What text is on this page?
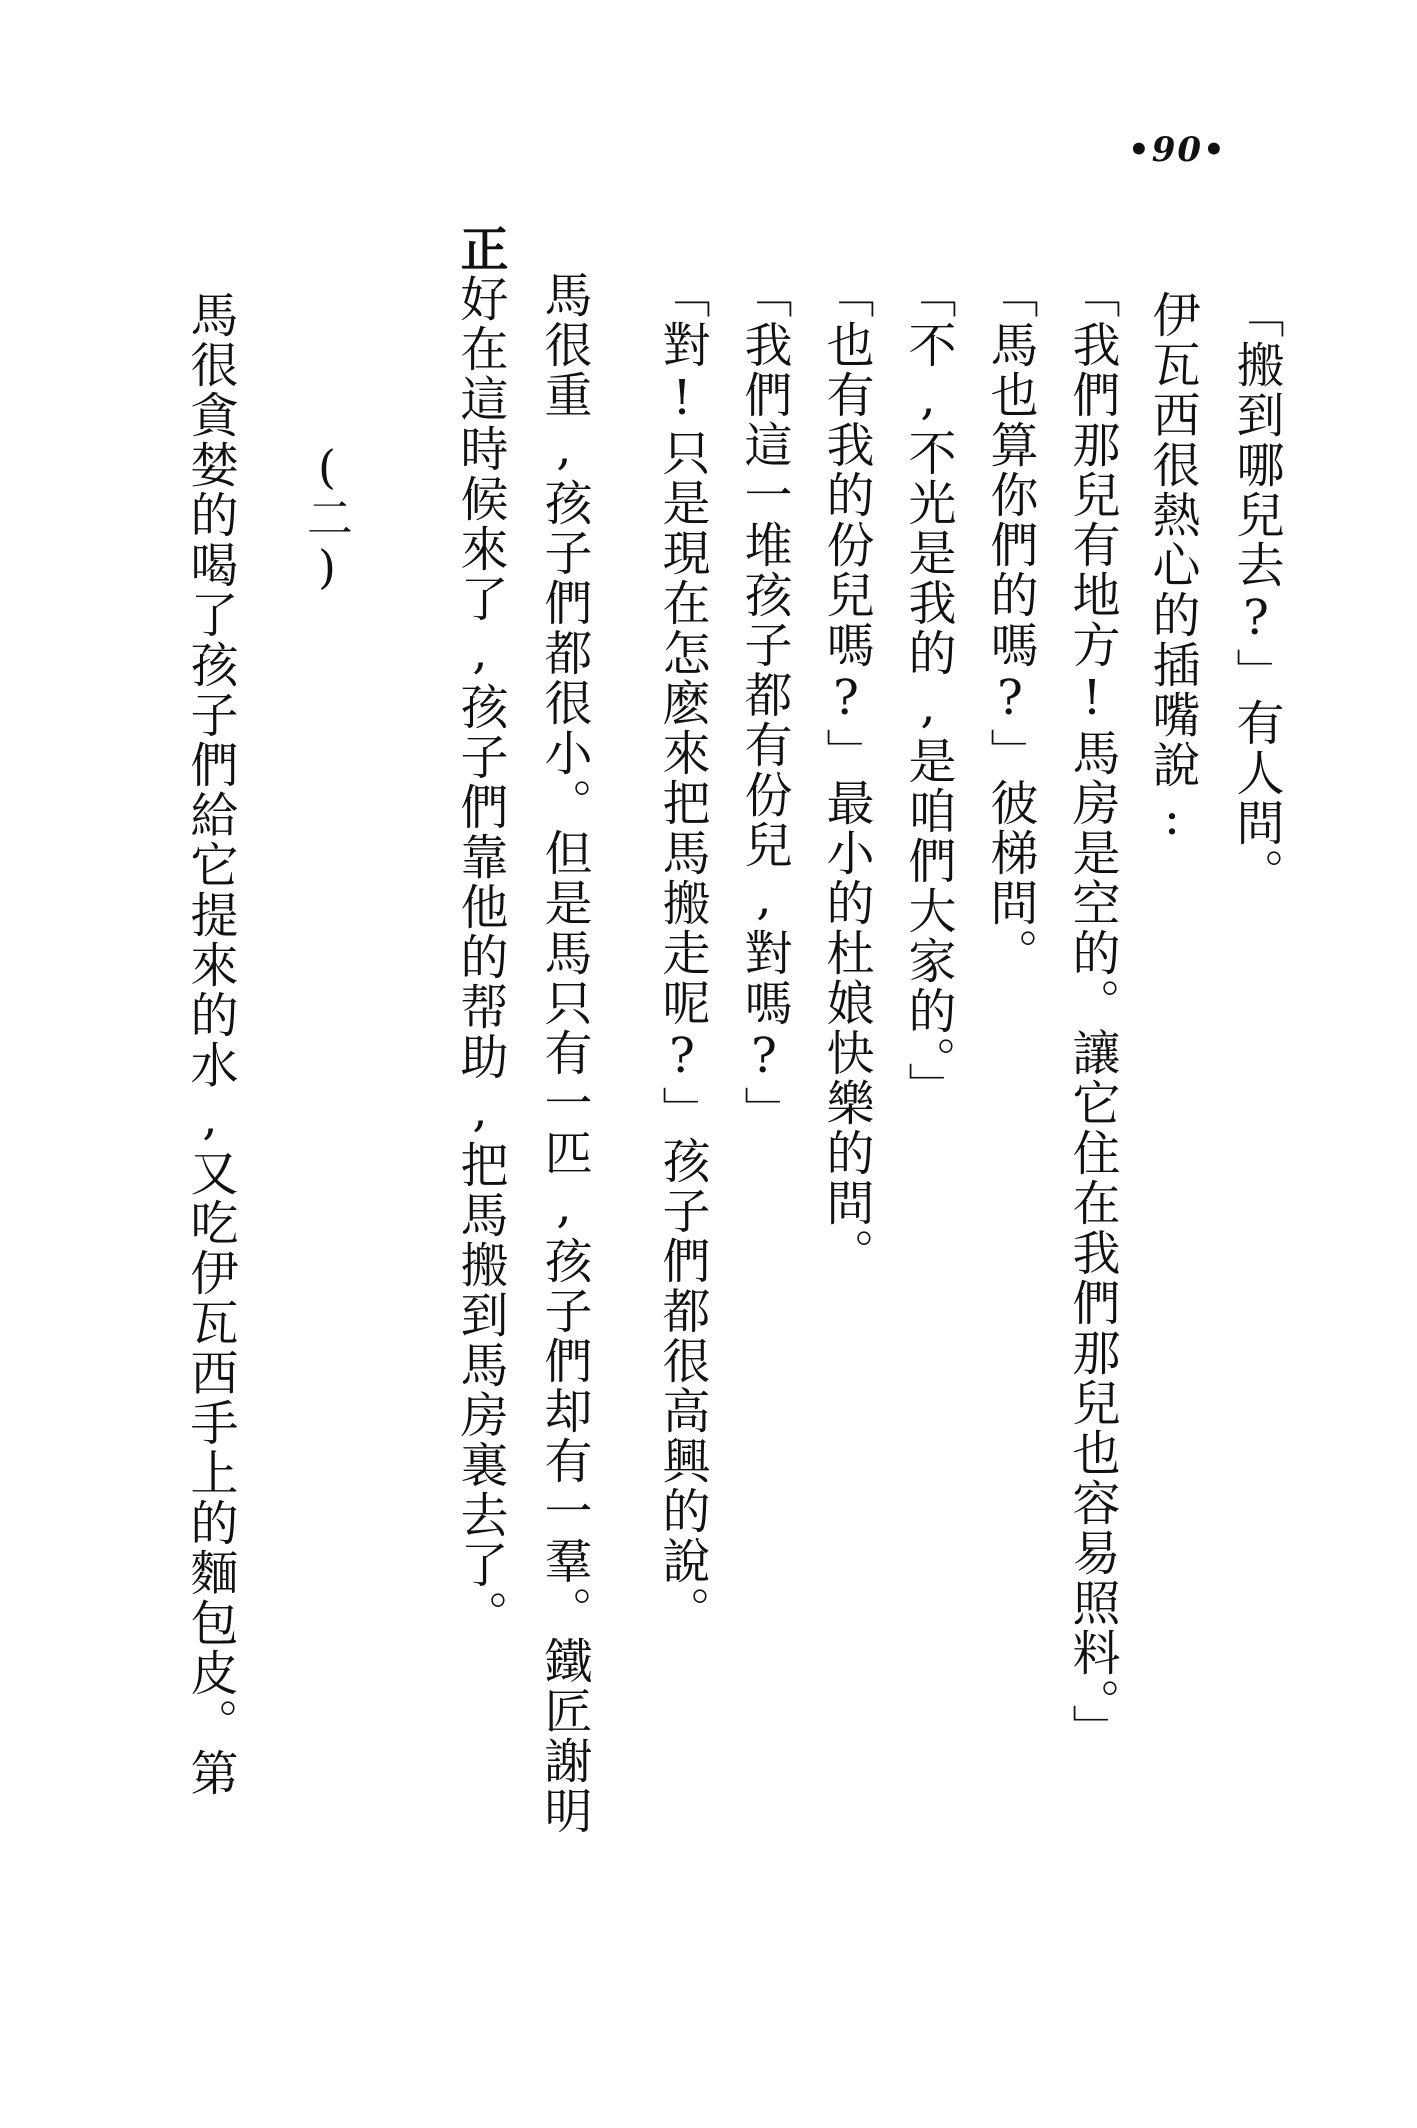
•90•
「搬到哪兒去?」有人問。
伊瓦西很熱心的插嘴說:
「我們那兒有地方!馬房是空的。讓它住在我們那兒也容易照料。」
「馬也算你們的嗎?」彼梯問。
「不,不光是我的,是咱們大家的。」
「也有我的份兒嗎?」最小的杜娘快樂的問。
「我們這一堆孩子都有份兒,對嗎?」
「對!只是現在怎麽來把馬搬走呢?」孩子們都很高興的說。
馬很重,孩子們都很小。但是馬只有一匹,孩子們却有一羣。鐵匠謝明
正好在這時候來了,孩子們靠他的帮助,把馬搬到馬房裏去了。
(二)
馬很貪婪的喝了孩子們給它提來的水,又吃伊瓦西手上的麵包皮。第
